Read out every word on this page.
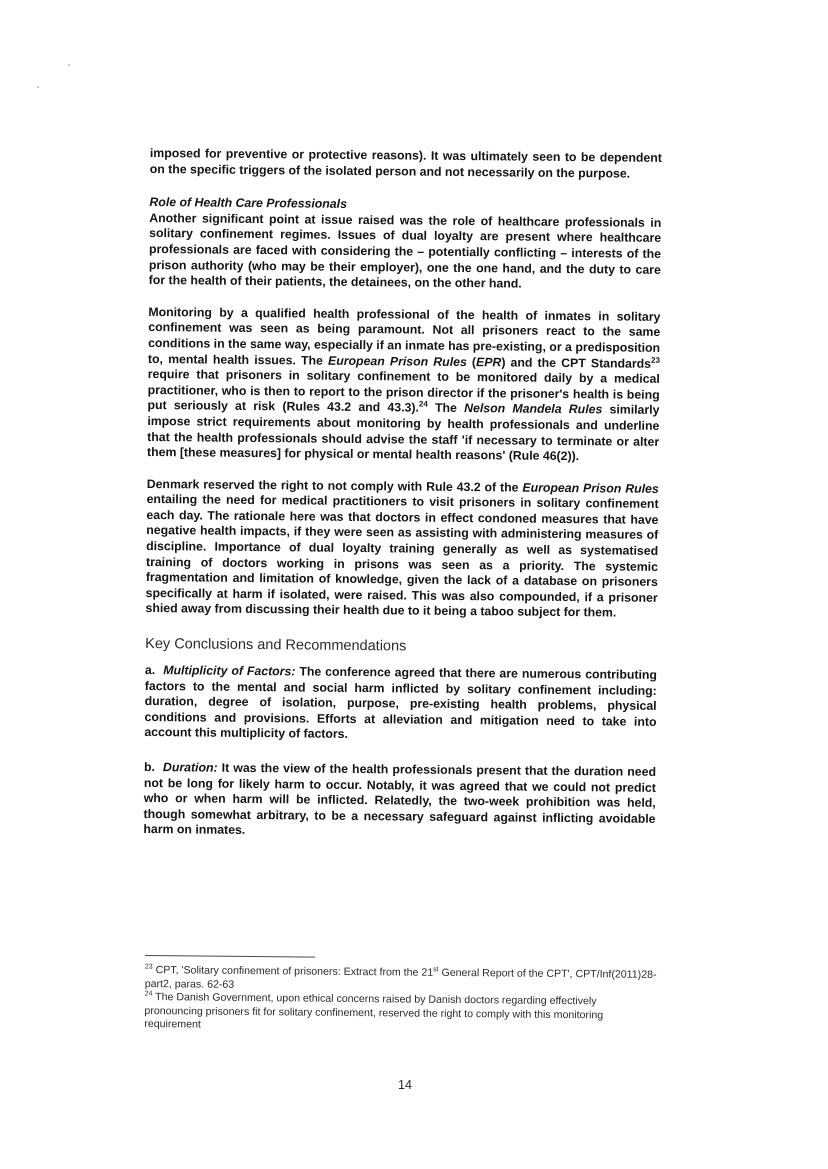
imposed for preventive or protective reasons). It was ultimately seen to be dependent on the specific triggers of the isolated person and not necessarily on the purpose.

Role of Health Care Professionals

Another significant point at issue raised was the role of healthcare professionals in solitary confinement regimes. Issues of dual loyalty are present where healthcare professionals are faced with considering the – potentially conflicting – interests of the prison authority (who may be their employer), one the one hand, and the duty to care for the health of their patients, the detainees, on the other hand.

Monitoring by a qualified health professional of the health of inmates in solitary confinement was seen as being paramount. Not all prisoners react to the same conditions in the same way, especially if an inmate has pre-existing, or a predisposition to, mental health issues. The European Prison Rules (EPR) and the CPT Standards$^{23}$ require that prisoners in solitary confinement to be monitored daily by a medical practitioner, who is then to report to the prison director if the prisoner's health is being put seriously at risk (Rules 43.2 and 43.3).$^{24}$ The Nelson Mandela Rules similarly impose strict requirements about monitoring by health professionals and underline that the health professionals should advise the staff 'if necessary to terminate or alter them [these measures] for physical or mental health reasons' (Rule 46(2)).

Denmark reserved the right to not comply with Rule 43.2 of the European Prison Rules entailing the need for medical practitioners to visit prisoners in solitary confinement each day. The rationale here was that doctors in effect condoned measures that have negative health impacts, if they were seen as assisting with administering measures of discipline. Importance of dual loyalty training generally as well as systematised training of doctors working in prisons was seen as a priority. The systemic fragmentation and limitation of knowledge, given the lack of a database on prisoners specifically at harm if isolated, were raised. This was also compounded, if a prisoner shied away from discussing their health due to it being a taboo subject for them.

Key Conclusions and Recommendations

a. Multiplicity of Factors: The conference agreed that there are numerous contributing factors to the mental and social harm inflicted by solitary confinement including: duration, degree of isolation, purpose, pre-existing health problems, physical conditions and provisions. Efforts at alleviation and mitigation need to take into account this multiplicity of factors.

b. Duration: It was the view of the health professionals present that the duration need not be long for likely harm to occur. Notably, it was agreed that we could not predict who or when harm will be inflicted. Relatedly, the two-week prohibition was held, though somewhat arbitrary, to be a necessary safeguard against inflicting avoidable harm on inmates.

$^{23}$ CPT, 'Solitary confinement of prisoners: Extract from the 21st General Report of the CPT', CPT/Inf(2011)28-part2, paras. 62-63

$^{24}$ The Danish Government, upon ethical concerns raised by Danish doctors regarding effectively pronouncing prisoners fit for solitary confinement, reserved the right to comply with this monitoring requirement

14
